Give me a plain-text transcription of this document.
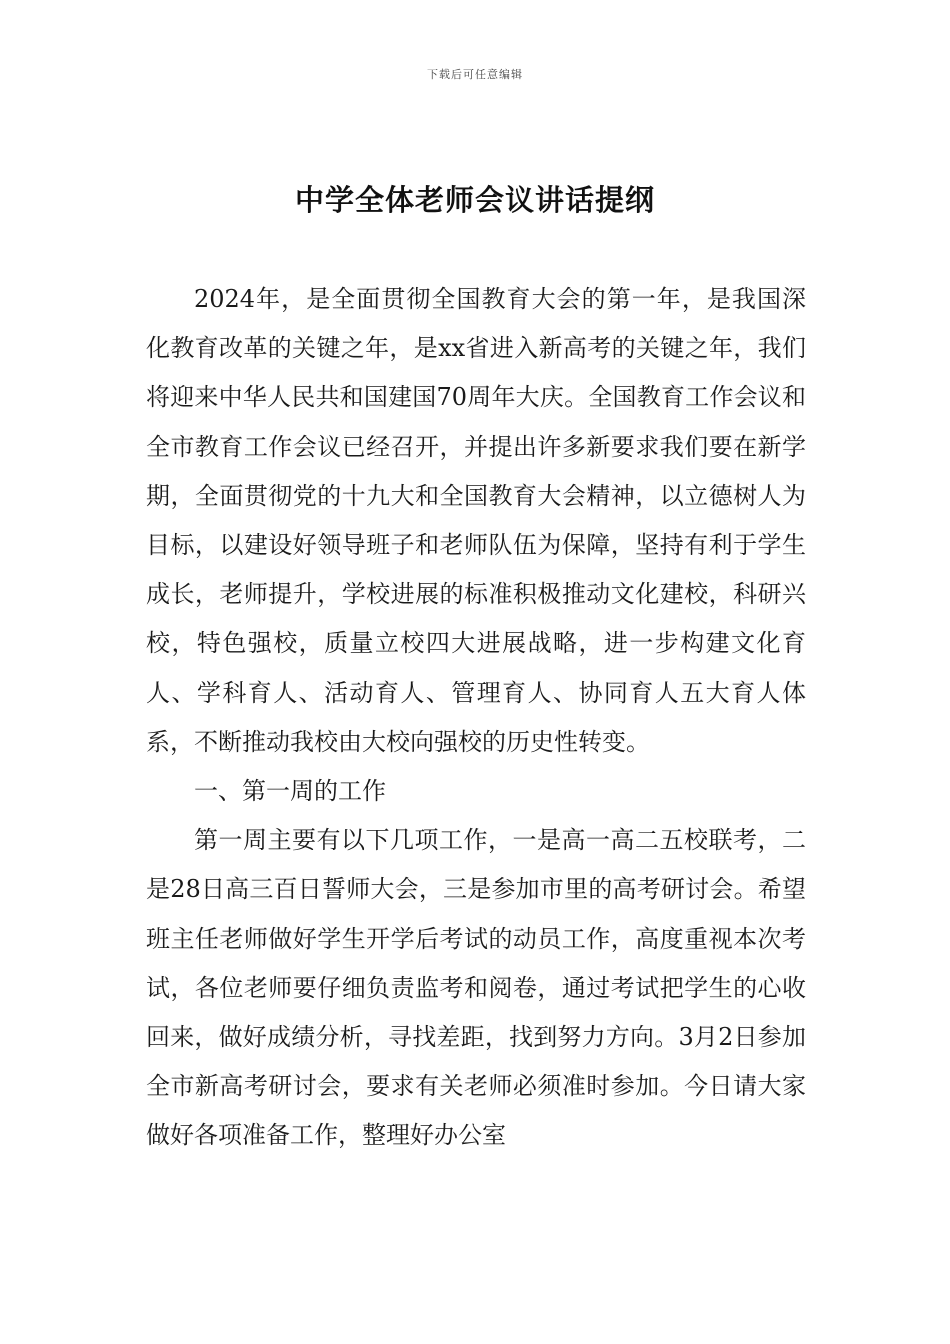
下载后可任意编辑
中学全体老师会议讲话提纲

2024年，是全面贯彻全国教育大会的第一年，是我国深化教育改革的关键之年，是xx省进入新高考的关键之年，我们将迎来中华人民共和国建国70周年大庆。全国教育工作会议和全市教育工作会议已经召开，并提出许多新要求我们要在新学期，全面贯彻党的十九大和全国教育大会精神，以立德树人为目标，以建设好领导班子和老师队伍为保障，坚持有利于学生成长，老师提升，学校进展的标准积极推动文化建校，科研兴校，特色强校，质量立校四大进展战略，进一步构建文化育人、学科育人、活动育人、管理育人、协同育人五大育人体系，不断推动我校由大校向强校的历史性转变。

一、第一周的工作

第一周主要有以下几项工作，一是高一高二五校联考，二是28日高三百日誓师大会，三是参加市里的高考研讨会。希望班主任老师做好学生开学后考试的动员工作，高度重视本次考试，各位老师要仔细负责监考和阅卷，通过考试把学生的心收回来，做好成绩分析，寻找差距，找到努力方向。3月2日参加全市新高考研讨会，要求有关老师必须准时参加。今日请大家做好各项准备工作，整理好办公室
